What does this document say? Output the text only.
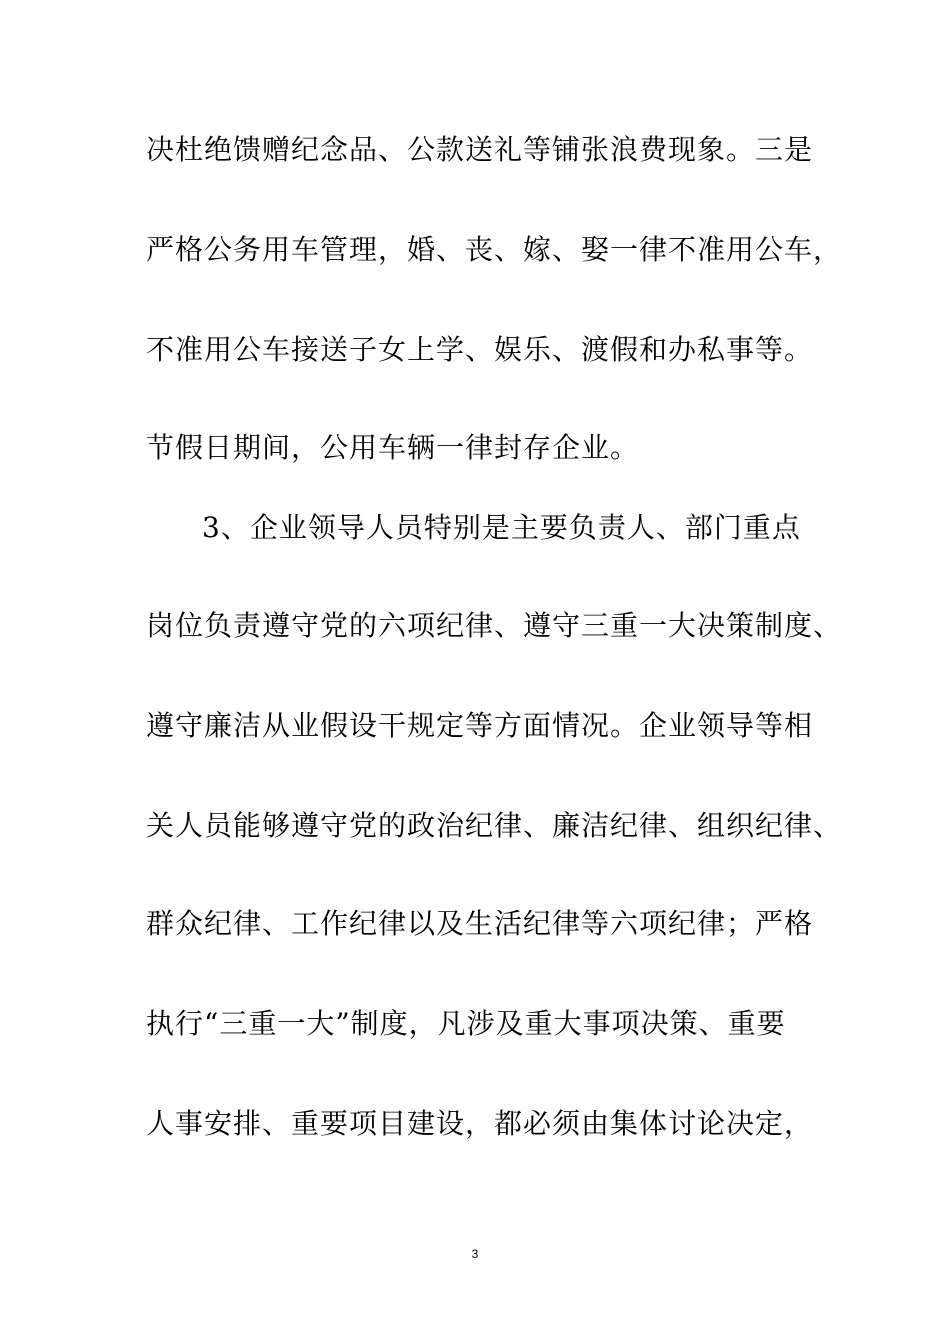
决杜绝馈赠纪念品、公款送礼等铺张浪费现象。三是
严格公务用车管理，婚、丧、嫁、娶一律不准用公车，
不准用公车接送子女上学、娱乐、渡假和办私事等。
节假日期间，公用车辆一律封存企业。
3、企业领导人员特别是主要负责人、部门重点
岗位负责遵守党的六项纪律、遵守三重一大决策制度、
遵守廉洁从业假设干规定等方面情况。企业领导等相
关人员能够遵守党的政治纪律、廉洁纪律、组织纪律、
群众纪律、工作纪律以及生活纪律等六项纪律；严格
执行“三重一大”制度，凡涉及重大事项决策、重要
人事安排、重要项目建设，都必须由集体讨论决定，
3
